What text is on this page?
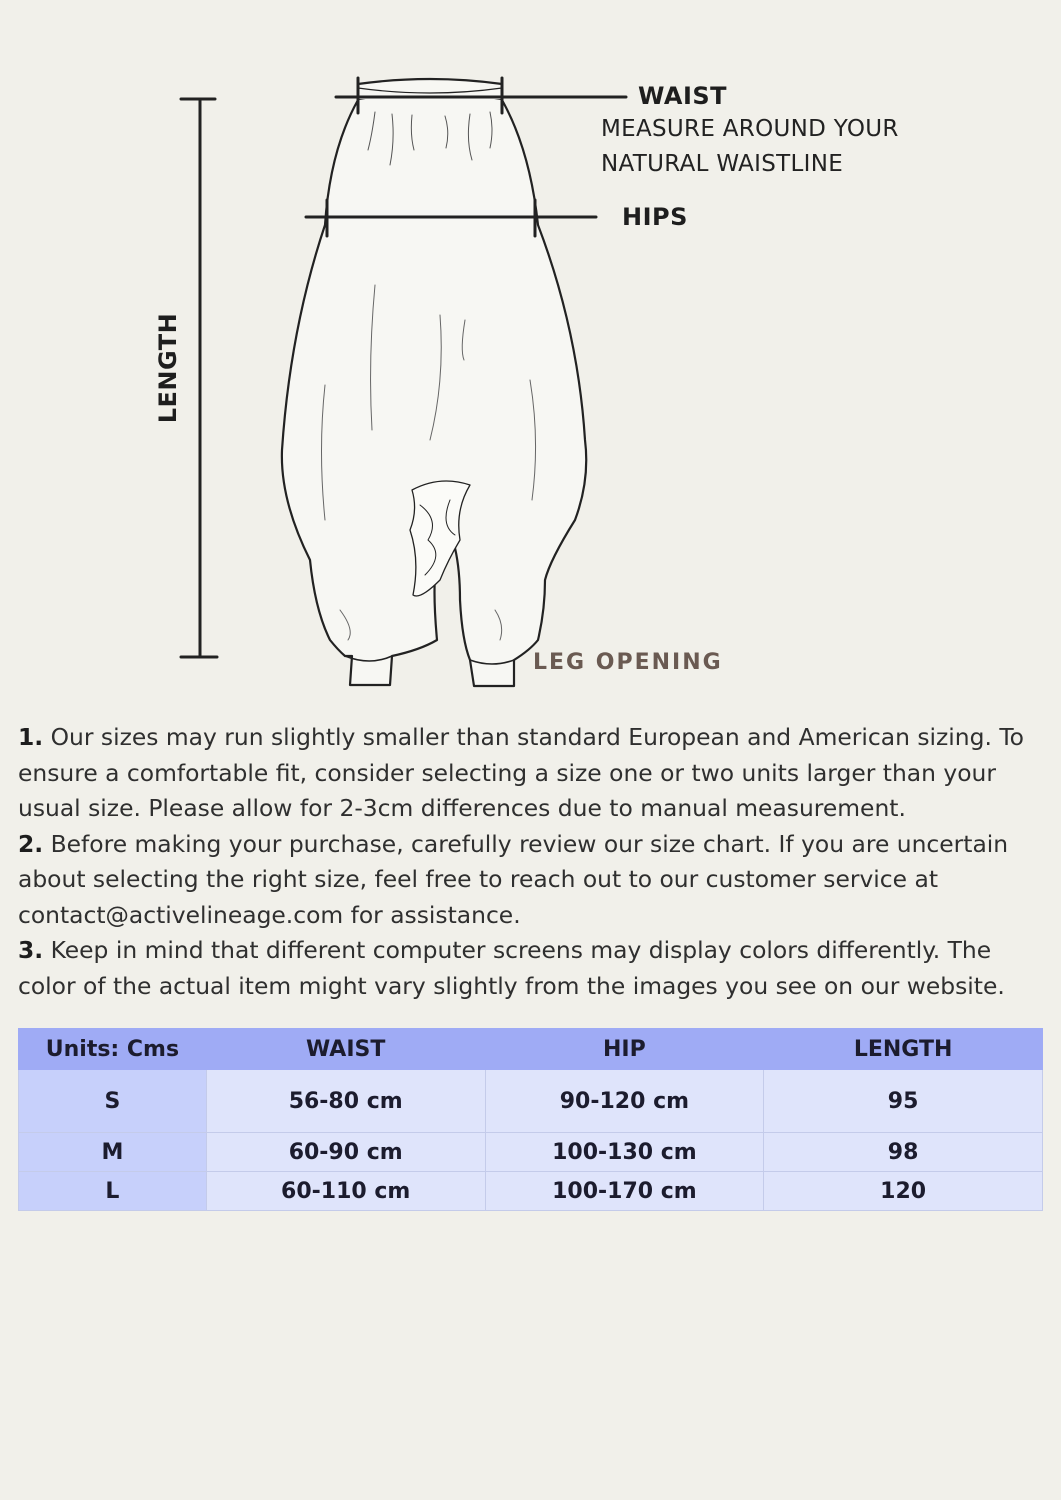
WAIST
MEASURE AROUND YOUR
NATURAL WAISTLINE
HIPS
LENGTH
LEG OPENING

1. Our sizes may run slightly smaller than standard European and American sizing. To ensure a comfortable fit, consider selecting a size one or two units larger than your usual size. Please allow for 2-3cm differences due to manual measurement.

2. Before making your purchase, carefully review our size chart. If you are uncertain about selecting the right size, feel free to reach out to our customer service at contact@activelineage.com for assistance.

3. Keep in mind that different computer screens may display colors differently. The color of the actual item might vary slightly from the images you see on our website.

Units: Cms	WAIST	HIP	LENGTH
S	56-80 cm	90-120 cm	95
M	60-90 cm	100-130 cm	98
L	60-110 cm	100-170 cm	120
